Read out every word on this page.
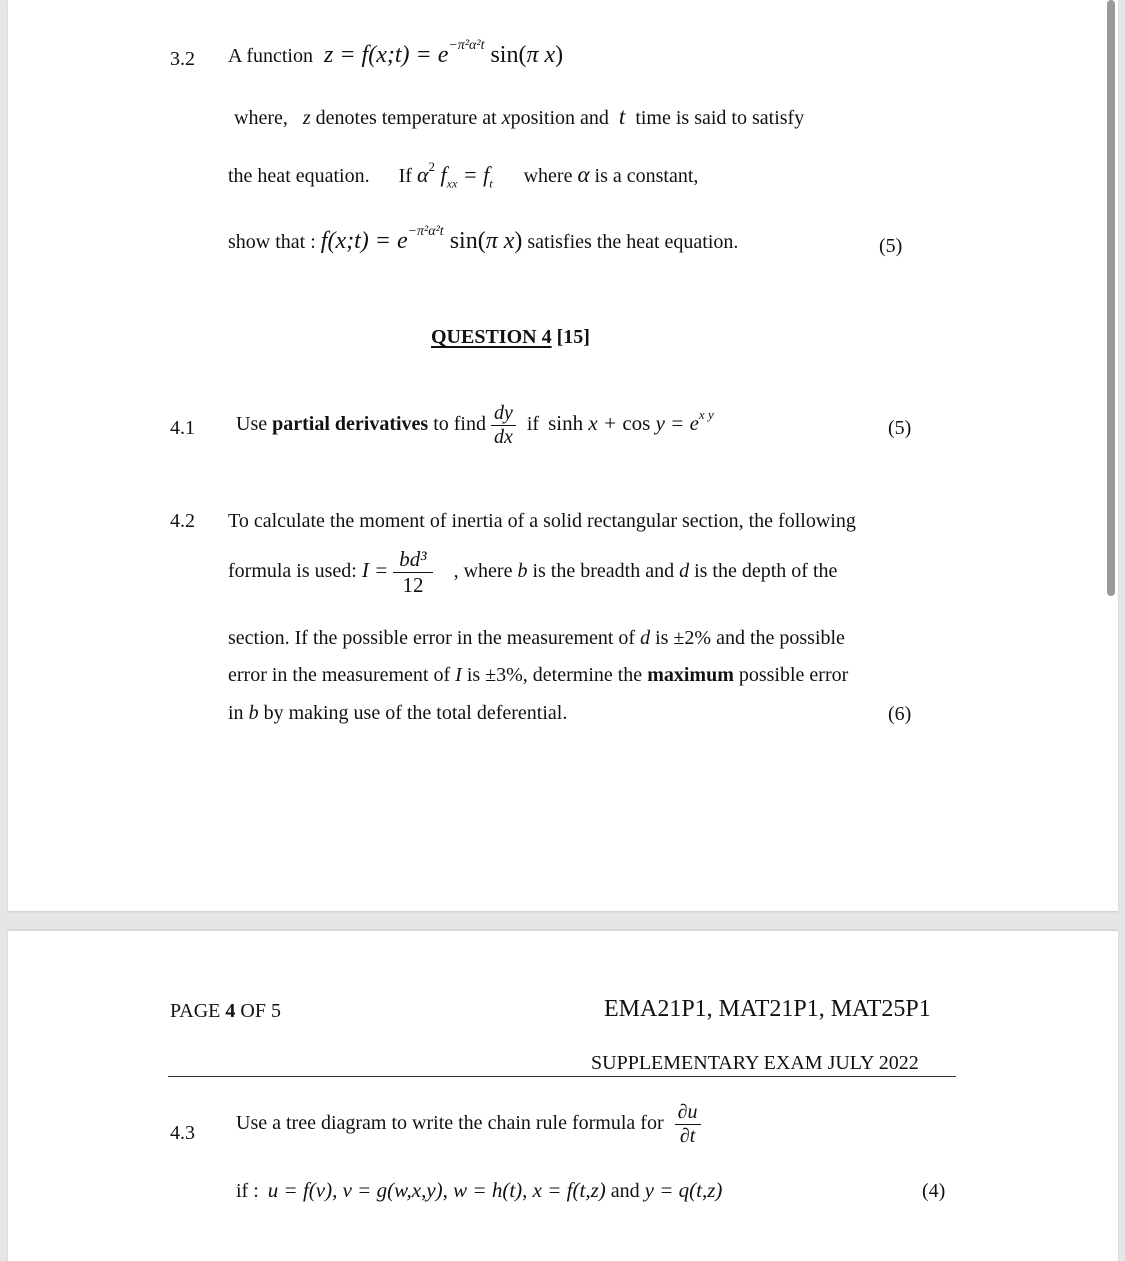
3.2 A function z = f(x;t) = $e^{-\pi^2\alpha^2t}$ sin(π x)
where, z denotes temperature at xposition and t time is said to satisfy
the heat equation. If $\alpha^2$ $f_{xx} = f_t$ where α is a constant,
show that : f(x;t) = $e^{-\pi^2\alpha^2t}$ sin(π x) satisfies the heat equation.	(5)
QUESTION 4 [15]
4.1 Use partial derivatives to find $\frac{dy}{dx}$ if $\sinh x + \cos y = e^{x y}$
(5)
4.2 To calculate the moment of inertia of a solid rectangular section, the following
formula is used: $I = \frac{\text{bd³}}{12}$ , where b is the breadth and d is the depth of the
section. If the possible error in the measurement of d is ±2% and the possible
error in the measurement of I is ±3%, determine the maximum possible error
in b by making use of the total deferential.	(6)
PAGE 4 OF 5	EMA21P1, MAT21P1, MAT25P1
SUPPLEMENTARY EXAM JULY 2022
4.3 Use a tree diagram to write the chain rule formula for $\frac{\partial u}{\partial t}$
if : u = f(v), v = g(w,x,y), w = h(t), x = f(t,z) and y = q(t,z)	(4)
